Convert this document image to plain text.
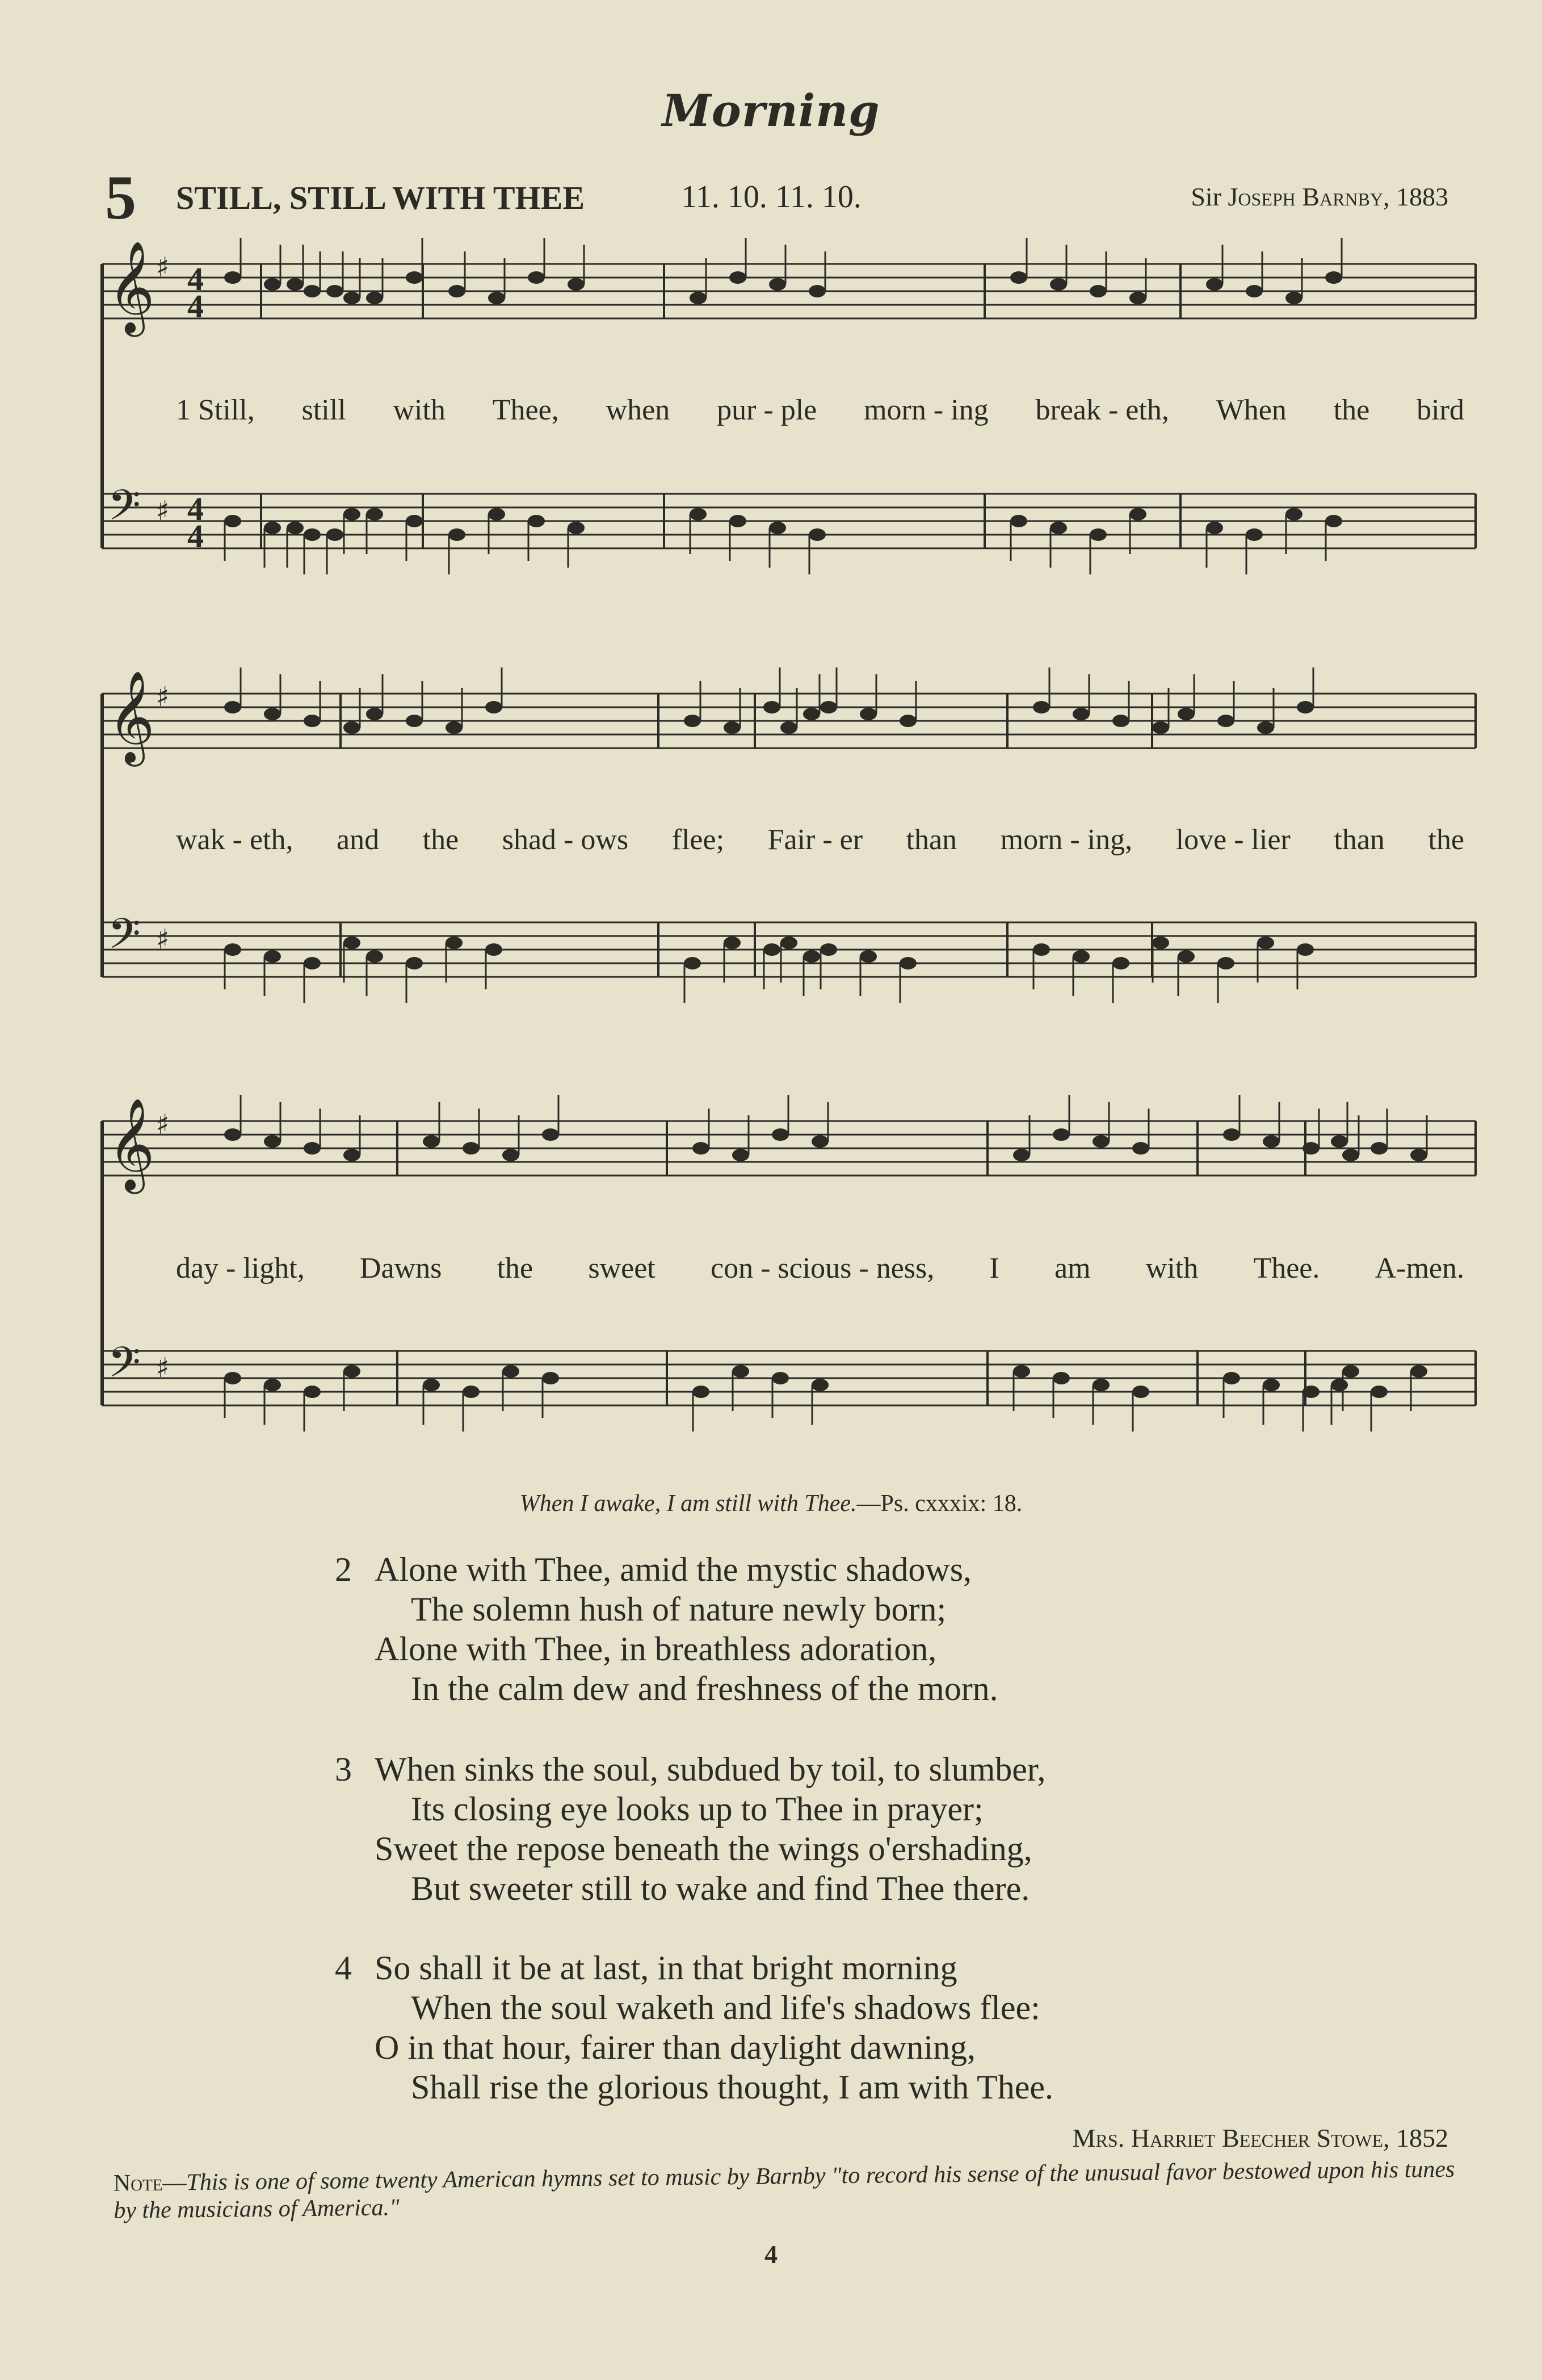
Morning
5 STILL, STILL WITH THEE	11. 10. 11. 10.	Sir Joseph Barnby, 1883
𝄞 ♯ 4
4
𝄢 ♯ 4
4
𝄞 ♯
𝄢 ♯
𝄞 ♯
𝄢 ♯
1 Still, still with Thee, when pur - ple morn - ing break - eth, When the bird
wak - eth, and the shad - ows flee; Fair - er than morn - ing, love - lier than the
day - light, Dawns the sweet con - scious - ness, I am with Thee. A-men.
When I awake, I am still with Thee.—Ps. cxxxix: 18.
2 Alone with Thee, amid the mystic shadows,
The solemn hush of nature newly born;
Alone with Thee, in breathless adoration,
In the calm dew and freshness of the morn.
3 When sinks the soul, subdued by toil, to slumber,
Its closing eye looks up to Thee in prayer;
Sweet the repose beneath the wings o'ershading,
But sweeter still to wake and find Thee there.
4 So shall it be at last, in that bright morning
When the soul waketh and life's shadows flee:
O in that hour, fairer than daylight dawning,
Shall rise the glorious thought, I am with Thee.
Mrs. Harriet Beecher Stowe, 1852
Note—This is one of some twenty American hymns set to music by Barnby "to record his sense of the unusual favor bestowed upon his tunes by the musicians of America."
4
